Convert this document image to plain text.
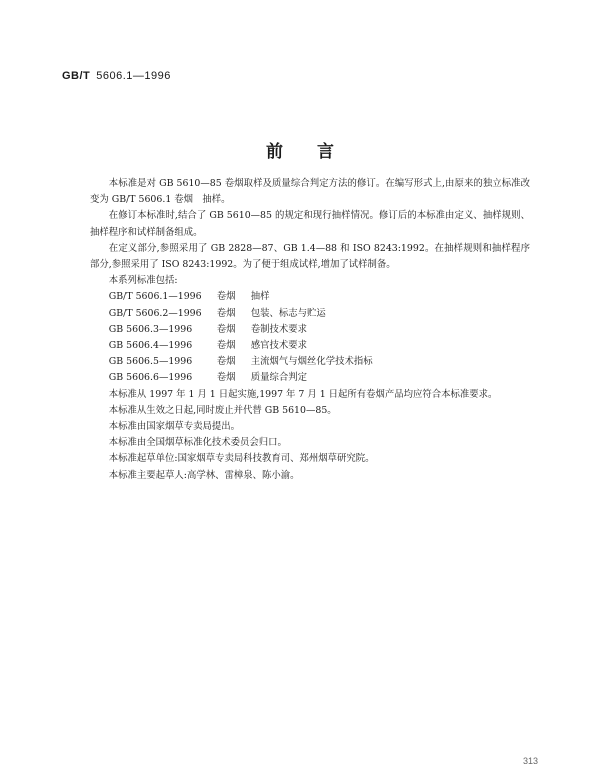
GB/T 5606.1—1996
前言

本标准是对 GB 5610—85 卷烟取样及质量综合判定方法的修订。在编写形式上,由原来的独立标准改变为 GB/T 5606.1 卷烟　抽样。

在修订本标准时,结合了 GB 5610—85 的规定和现行抽样情况。修订后的本标准由定义、抽样规则、抽样程序和试样制备组成。

在定义部分,参照采用了 GB 2828—87、GB 1.4—88 和 ISO 8243:1992。在抽样规则和抽样程序部分,参照采用了 ISO 8243:1992。为了便于组成试样,增加了试样制备。

本系列标准包括:

GB/T 5606.1—1996 卷烟 抽样
GB/T 5606.2—1996 卷烟 包装、标志与贮运
GB 5606.3—1996	卷烟 卷制技术要求
GB 5606.4—1996	卷烟 感官技术要求
GB 5606.5—1996	卷烟 主流烟气与烟丝化学技术指标
GB 5606.6—1996	卷烟 质量综合判定

本标准从 1997 年 1 月 1 日起实施,1997 年 7 月 1 日起所有卷烟产品均应符合本标准要求。

本标准从生效之日起,同时废止并代替 GB 5610—85。

本标准由国家烟草专卖局提出。

本标准由全国烟草标准化技术委员会归口。

本标准起草单位:国家烟草专卖局科技教育司、郑州烟草研究院。

本标准主要起草人:高学林、雷樟泉、陈小渝。

313
